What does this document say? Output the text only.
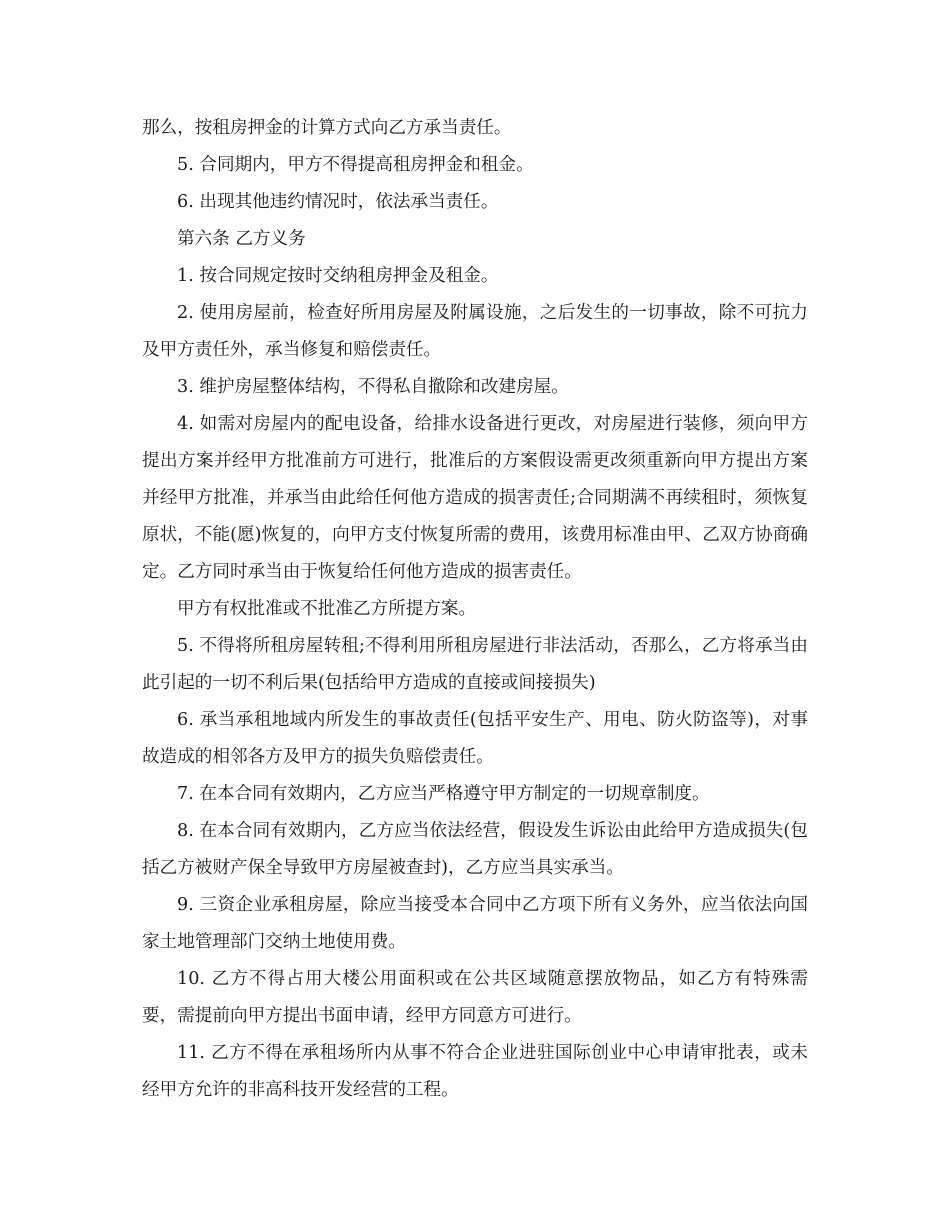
那么，按租房押金的计算方式向乙方承当责任。

5. 合同期内，甲方不得提高租房押金和租金。

6. 出现其他违约情况时，依法承当责任。

第六条 乙方义务

1. 按合同规定按时交纳租房押金及租金。

2. 使用房屋前，检查好所用房屋及附属设施，之后发生的一切事故，除不可抗力及甲方责任外，承当修复和赔偿责任。

3. 维护房屋整体结构，不得私自撤除和改建房屋。

4. 如需对房屋内的配电设备，给排水设备进行更改，对房屋进行装修，须向甲方提出方案并经甲方批准前方可进行，批准后的方案假设需更改须重新向甲方提出方案并经甲方批准，并承当由此给任何他方造成的损害责任;合同期满不再续租时，须恢复原状，不能(愿)恢复的，向甲方支付恢复所需的费用，该费用标准由甲、乙双方协商确定。乙方同时承当由于恢复给任何他方造成的损害责任。

甲方有权批准或不批准乙方所提方案。

5. 不得将所租房屋转租;不得利用所租房屋进行非法活动，否那么，乙方将承当由此引起的一切不利后果(包括给甲方造成的直接或间接损失)

6. 承当承租地域内所发生的事故责任(包括平安生产、用电、防火防盗等)，对事故造成的相邻各方及甲方的损失负赔偿责任。

7. 在本合同有效期内，乙方应当严格遵守甲方制定的一切规章制度。

8. 在本合同有效期内，乙方应当依法经营，假设发生诉讼由此给甲方造成损失(包括乙方被财产保全导致甲方房屋被查封)，乙方应当具实承当。

9. 三资企业承租房屋，除应当接受本合同中乙方项下所有义务外，应当依法向国家土地管理部门交纳土地使用费。

10. 乙方不得占用大楼公用面积或在公共区域随意摆放物品，如乙方有特殊需要，需提前向甲方提出书面申请，经甲方同意方可进行。

11. 乙方不得在承租场所内从事不符合企业进驻国际创业中心申请审批表，或未经甲方允许的非高科技开发经营的工程。
